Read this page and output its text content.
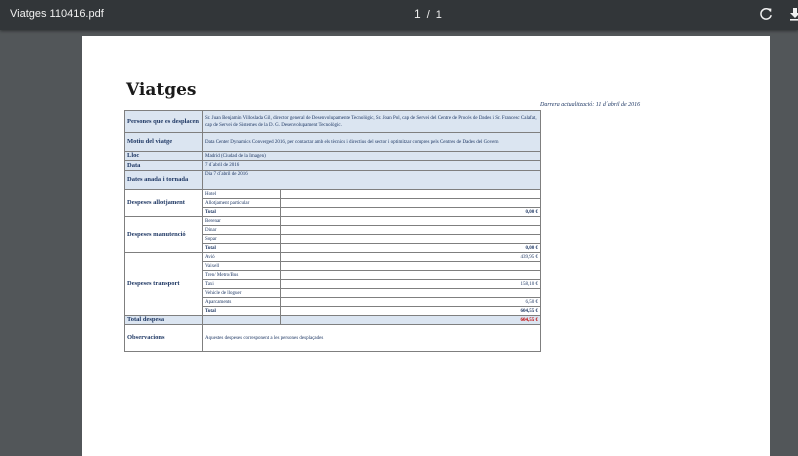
Viatges 110416.pdf	1 / 1
Viatges
Darrera actualització: 11 d´abril de 2016
Persones que es desplacen	Sr. Juan Benjamin Villoslada Gil, director general de Desenvolupamente Tecnològic, Sr. Joan Pol, cap de Servei del Centre de Procés de Dades i Sr. Francesc Calafat, cap de Servei de Sistemes de la D. G. Desenvolupament Tecnològic.	
Motiu del viatge	Data Center Dynamics Converged 2016, per contactar amb els tècnics i directius del sector i optimitzar compres pels Centres de Dades del Govern	
Lloc	Madrid (Ciudad de la Imagen)	
Data	7 d´abril de 2016	
Dates anada i tornada	Dia 7 d´abril de 2016	
Despeses allotjament	Hotel	
	Allotjament particular	
	Total	0,00 €
Despeses manutenció	Berenar	
	Dinar	
	Sopar	
	Total	0,00 €
Despeses transport	Avió	439,95 €
	Vaixell	
	Tren/ Metro/Bus	
	Taxi	158,10 €
	Vehicle de lloguer	
	Aparcaments	6,50 €
	Total	604,55 €
Total despesa		604,55 €
Observacions	Aquestes despeses corresponent a les persones desplaçades	
